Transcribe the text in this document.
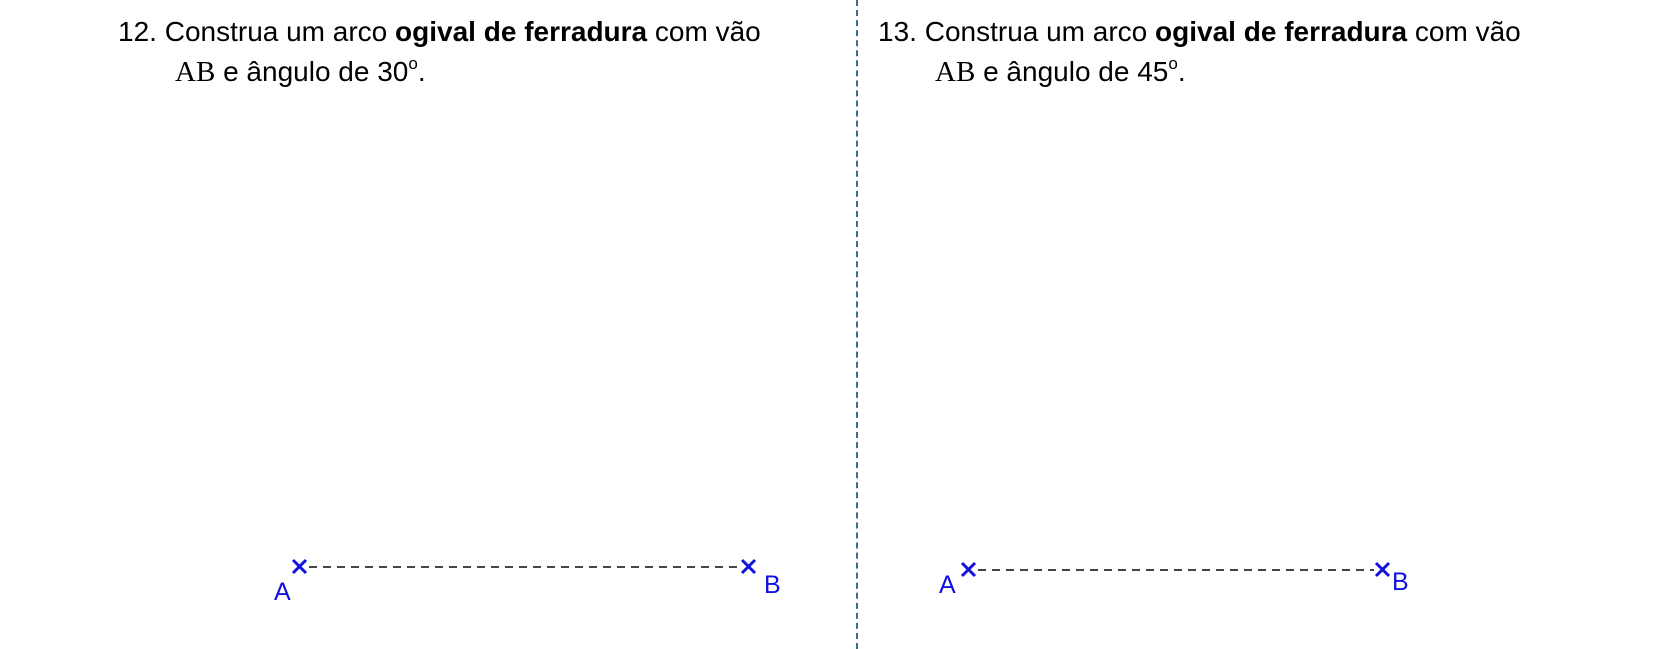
12. Construa um arco ogival de ferradura com vão
AB e ângulo de 30$^o$.
13. Construa um arco ogival de ferradura com vão
AB e ângulo de 45$^o$.
A	B	A	B
